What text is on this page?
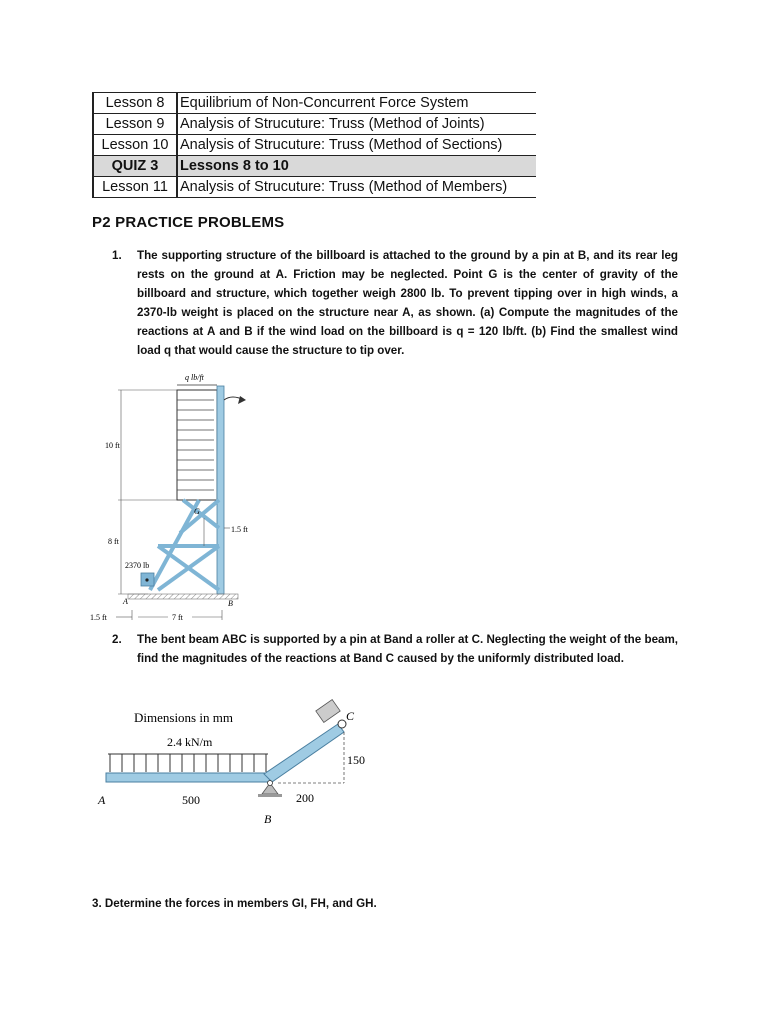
Lesson 8	Equilibrium of Non-Concurrent Force System
Lesson 9	Analysis of Strucuture: Truss (Method of Joints)
Lesson 10	Analysis of Strucuture: Truss (Method of Sections)
QUIZ 3	Lessons 8 to 10
Lesson 11	Analysis of Strucuture: Truss (Method of Members)
P2 PRACTICE PROBLEMS
1. The supporting structure of the billboard is attached to the ground by a pin at B, and its rear leg rests on the ground at A. Friction may be neglected. Point G is the center of gravity of the billboard and structure, which together weigh 2800 lb. To prevent tipping over in high winds, a 2370-lb weight is placed on the structure near A, as shown. (a) Compute the magnitudes of the reactions at A and B if the wind load on the billboard is q = 120 lb/ft. (b) Find the smallest wind load q that would cause the structure to tip over.
q lb/ft
10 ft
8 ft
G
1.5 ft
2370 lb
A	B
1.5 ft	7 ft
2. The bent beam ABC is supported by a pin at Band a roller at C. Neglecting the weight of the beam, find the magnitudes of the reactions at Band C caused by the uniformly distributed load.
Dimensions in mm
2.4 kN/m
C
150
200
500
A
B
3. Determine the forces in members GI, FH, and GH.
